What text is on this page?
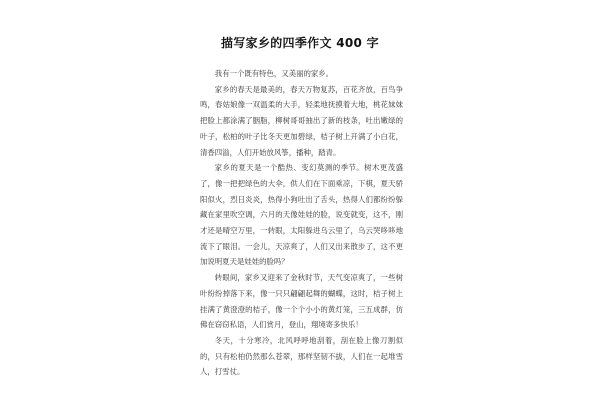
描写家乡的四季作文 400 字

我有一个既有特色，又美丽的家乡。

家乡的春天是最美的，春天万物复苏，百花齐放，百鸟争鸣，春姑娘像一双温柔的大手，轻柔地抚摸着大地，桃花妹妹把脸上都涂满了胭脂，柳树哥哥抽出了新的枝条，吐出嫩绿的叶子，松柏的叶子比冬天更加碧绿，桔子树上开满了小白花，清香四溢，人们开始放风筝，播种，踏青。

家乡的夏天是一个酷热、变幻莫测的季节。树木更茂盛了，像一把把绿色的大伞，供人们在下面乘凉，下棋，夏天骄阳似火，烈日炎炎，热得小狗吐出了舌头，热得人们都纷纷躲藏在家里吹空调，六月的天像娃娃的脸，说变就变，这不，刚才还是晴空万里，一转眼，太阳躲进乌云里了，乌云哭哆哆地流下了眼泪。一会儿，天凉爽了，人们又出来散步了，这不更加说明夏天是娃娃的脸吗？

转眼间，家乡又迎来了金秋时节，天气变凉爽了，一些树叶纷纷掉落下来，像一只只翩翩起舞的蝴蝶，这时，桔子树上挂满了黄澄澄的桔子，像一个个小小的黄灯笼，三五成群，仿佛在窃窃私语，人们赏月，登山，翔境寄多快乐！

冬天，十分寒冷，北风呼呼地刮着，刮在脸上像刀割似的，只有松柏仍然那么苍翠，那样坚韧不拔，人们在一起堆雪人，打雪仗。
